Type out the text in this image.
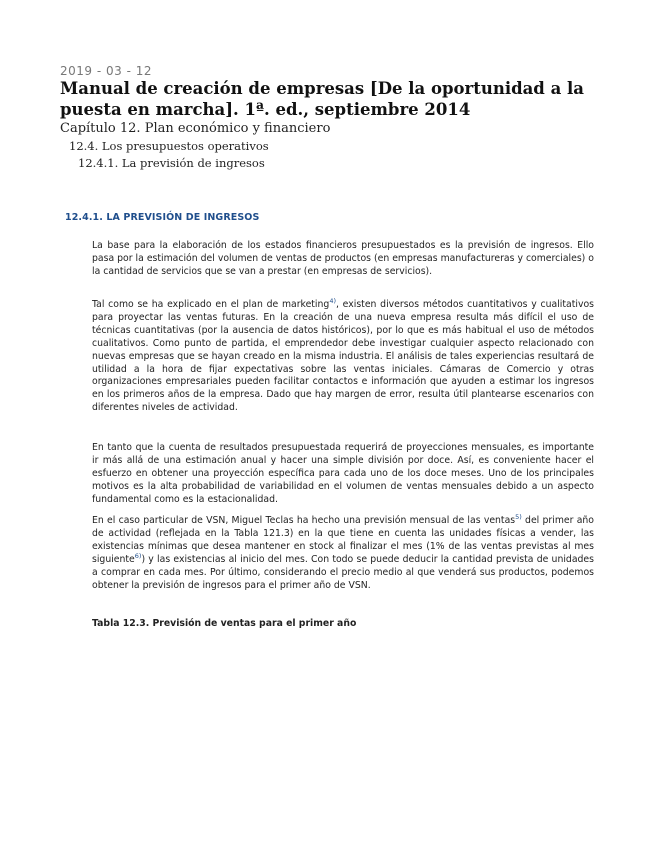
2019 - 03 - 12
Manual de creación de empresas [De la oportunidad a la puesta en marcha]. 1ª. ed., septiembre 2014
Capítulo 12. Plan económico y financiero
12.4. Los presupuestos operativos
12.4.1. La previsión de ingresos
12.4.1. LA PREVISIÓN DE INGRESOS

La base para la elaboración de los estados financieros presupuestados es la previsión de ingresos. Ello pasa por la estimación del volumen de ventas de productos (en empresas manufactureras y comerciales) o la cantidad de servicios que se van a prestar (en empresas de servicios).

Tal como se ha explicado en el plan de marketing$^{4)}$, existen diversos métodos cuantitativos y cualitativos para proyectar las ventas futuras. En la creación de una nueva empresa resulta más difícil el uso de técnicas cuantitativas (por la ausencia de datos históricos), por lo que es más habitual el uso de métodos cualitativos. Como punto de partida, el emprendedor debe investigar cualquier aspecto relacionado con nuevas empresas que se hayan creado en la misma industria. El análisis de tales experiencias resultará de utilidad a la hora de fijar expectativas sobre las ventas iniciales. Cámaras de Comercio y otras organizaciones empresariales pueden facilitar contactos e información que ayuden a estimar los ingresos en los primeros años de la empresa. Dado que hay margen de error, resulta útil plantearse escenarios con diferentes niveles de actividad.

En tanto que la cuenta de resultados presupuestada requerirá de proyecciones mensuales, es importante ir más allá de una estimación anual y hacer una simple división por doce. Así, es conveniente hacer el esfuerzo en obtener una proyección específica para cada uno de los doce meses. Uno de los principales motivos es la alta probabilidad de variabilidad en el volumen de ventas mensuales debido a un aspecto fundamental como es la estacionalidad.

En el caso particular de VSN, Miguel Teclas ha hecho una previsión mensual de las ventas$^{5)}$ del primer año de actividad (reflejada en la Tabla 121.3) en la que tiene en cuenta las unidades físicas a vender, las existencias mínimas que desea mantener en stock al finalizar el mes (1% de las ventas previstas al mes siguiente$^{6)}$) y las existencias al inicio del mes. Con todo se puede deducir la cantidad prevista de unidades a comprar en cada mes. Por último, considerando el precio medio al que venderá sus productos, podemos obtener la previsión de ingresos para el primer año de VSN.

Tabla 12.3. Previsión de ventas para el primer año
